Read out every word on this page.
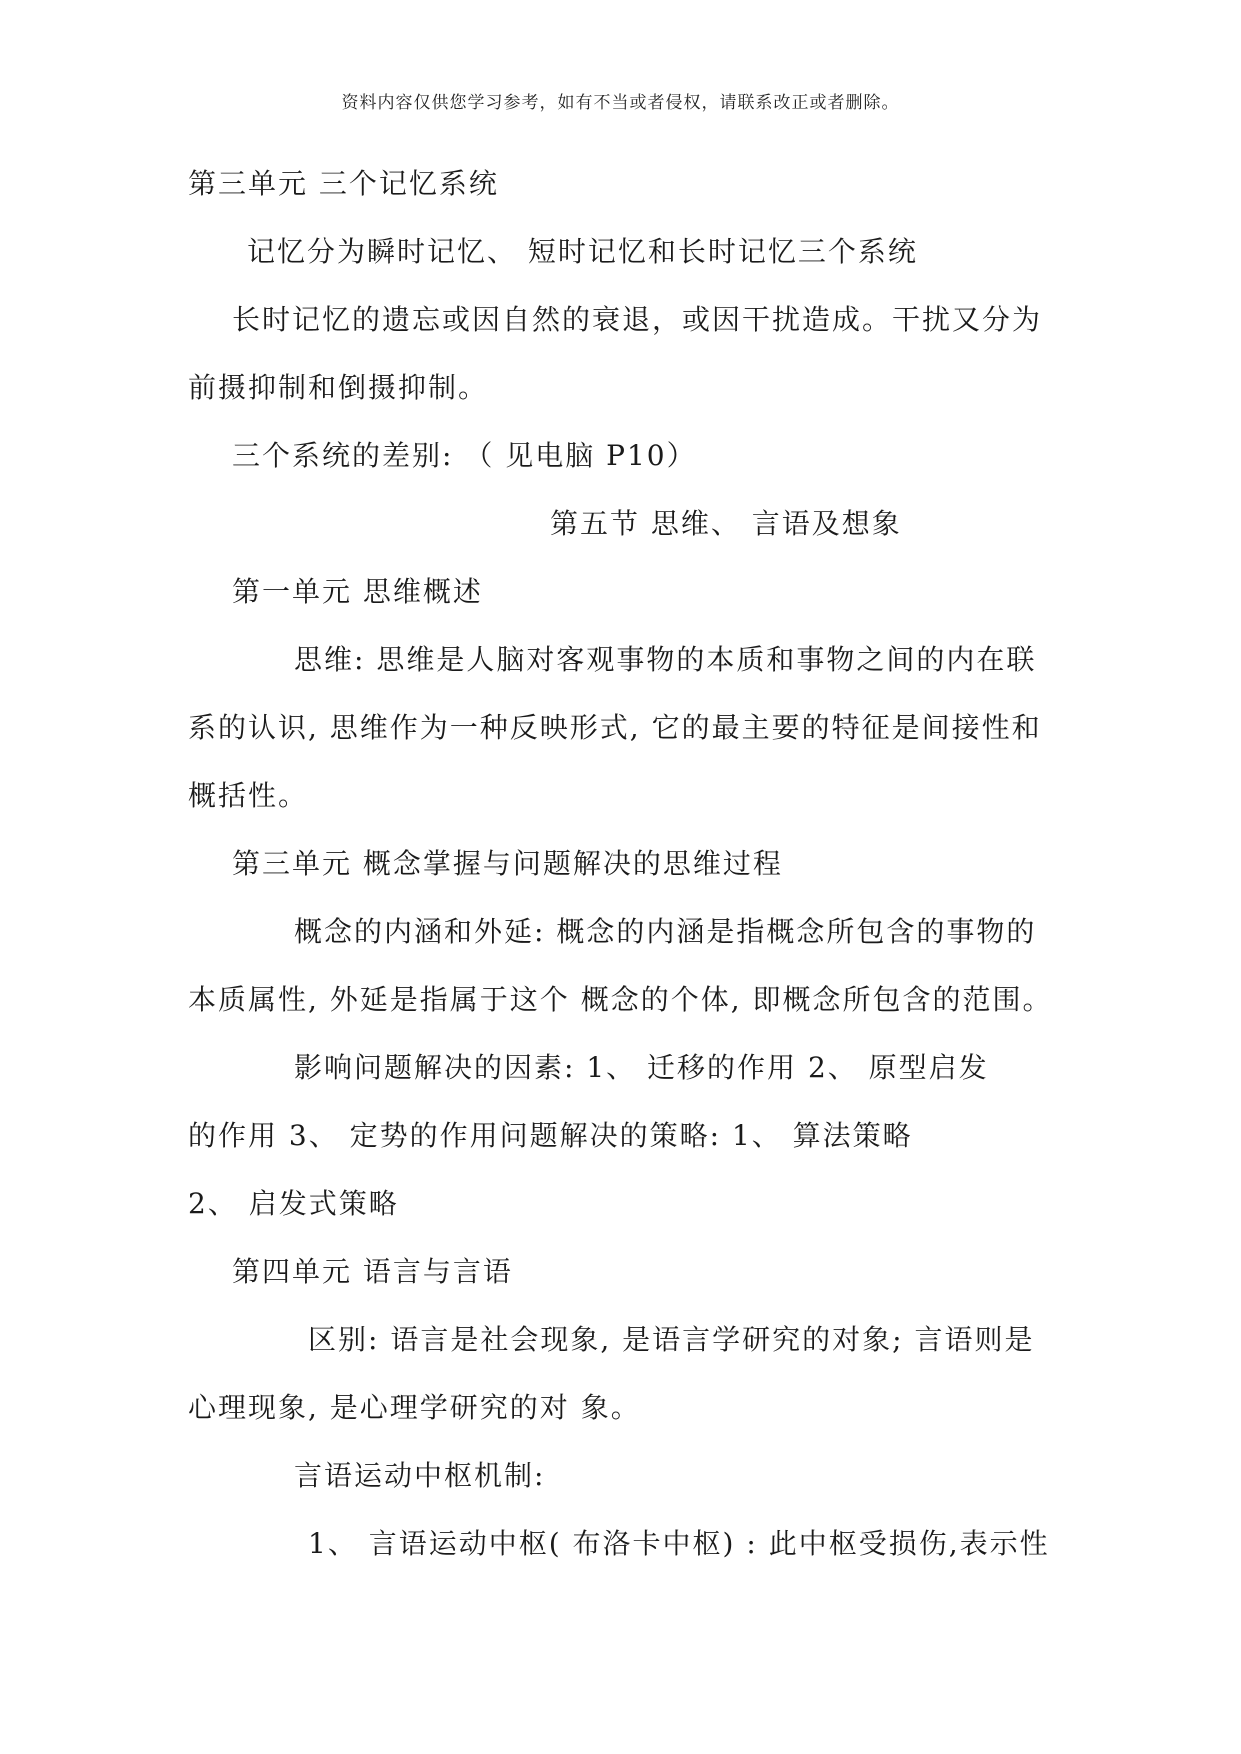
资料内容仅供您学习参考，如有不当或者侵权，请联系改正或者删除。
第三单元 三个记忆系统
记忆分为瞬时记忆、 短时记忆和长时记忆三个系统
长时记忆的遗忘或因自然的衰退，或因干扰造成。干扰又分为
前摄抑制和倒摄抑制。
三个系统的差别: （ 见电脑 P10）
第五节 思维、 言语及想象
第一单元 思维概述
思维: 思维是人脑对客观事物的本质和事物之间的内在联
系的认识, 思维作为一种反映形式, 它的最主要的特征是间接性和
概括性。
第三单元 概念掌握与问题解决的思维过程
概念的内涵和外延: 概念的内涵是指概念所包含的事物的
本质属性, 外延是指属于这个 概念的个体, 即概念所包含的范围。
影响问题解决的因素: 1、 迁移的作用 2、 原型启发
的作用 3、 定势的作用问题解决的策略: 1、 算法策略
2、 启发式策略
第四单元 语言与言语
区别: 语言是社会现象, 是语言学研究的对象; 言语则是
心理现象, 是心理学研究的对 象。
言语运动中枢机制:
1、 言语运动中枢( 布洛卡中枢) : 此中枢受损伤,表示性
